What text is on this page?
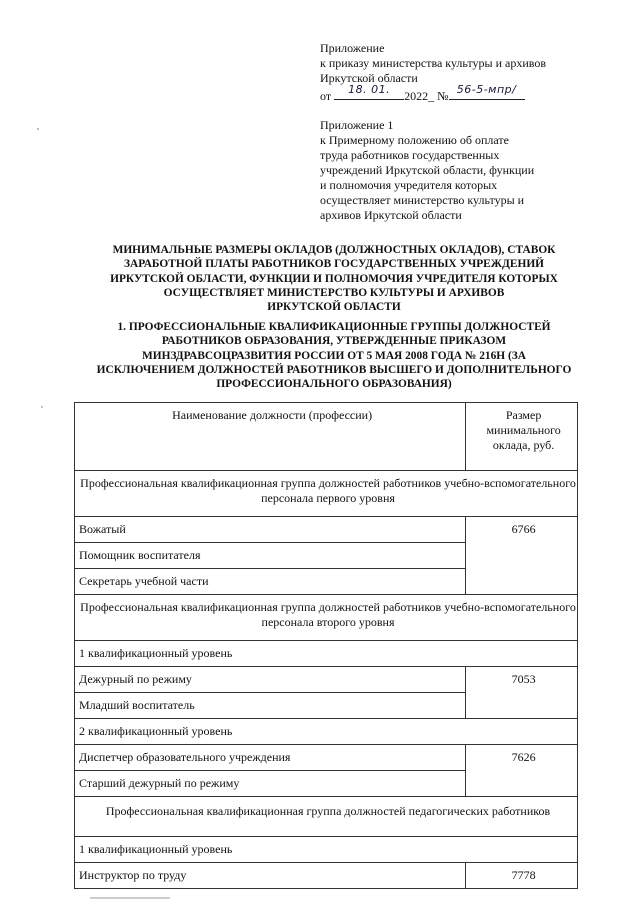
Приложение
к приказу министерства культуры и архивов
Иркутской области
от	18. 01.	2022_ № 56-5-мпр/
Приложение 1
к Примерному положению об оплате
труда работников государственных
учреждений Иркутской области, функции
и полномочия учредителя которых
осуществляет министерство культуры и
архивов Иркутской области
МИНИМАЛЬНЫЕ РАЗМЕРЫ ОКЛАДОВ (ДОЛЖНОСТНЫХ ОКЛАДОВ), СТАВОК
ЗАРАБОТНОЙ ПЛАТЫ РАБОТНИКОВ ГОСУДАРСТВЕННЫХ УЧРЕЖДЕНИЙ
ИРКУТСКОЙ ОБЛАСТИ, ФУНКЦИИ И ПОЛНОМОЧИЯ УЧРЕДИТЕЛЯ КОТОРЫХ
ОСУЩЕСТВЛЯЕТ МИНИСТЕРСТВО КУЛЬТУРЫ И АРХИВОВ
ИРКУТСКОЙ ОБЛАСТИ
1. ПРОФЕССИОНАЛЬНЫЕ КВАЛИФИКАЦИОННЫЕ ГРУППЫ ДОЛЖНОСТЕЙ
РАБОТНИКОВ ОБРАЗОВАНИЯ, УТВЕРЖДЕННЫЕ ПРИКАЗОМ
МИНЗДРАВСОЦРАЗВИТИЯ РОССИИ ОТ 5 МАЯ 2008 ГОДА № 216Н (ЗА
ИСКЛЮЧЕНИЕМ ДОЛЖНОСТЕЙ РАБОТНИКОВ ВЫСШЕГО И ДОПОЛНИТЕЛЬНОГО
ПРОФЕССИОНАЛЬНОГО ОБРАЗОВАНИЯ)
Наименование должности (профессии)	Размер
минимального
оклада, руб.

Профессиональная квалификационная группа должностей работников учебно-вспомогательного персонала первого уровня	
Вожатый	6766
Помощник воспитателя	
Секретарь учебной части	
Профессиональная квалификационная группа должностей работников учебно-вспомогательного персонала второго уровня	
1 квалификационный уровень	
Дежурный по режиму	7053
Младший воспитатель	
2 квалификационный уровень	
Диспетчер образовательного учреждения	7626
Старший дежурный по режиму	
Профессиональная квалификационная группа должностей педагогических работников	
1 квалификационный уровень	
Инструктор по труду	7778
